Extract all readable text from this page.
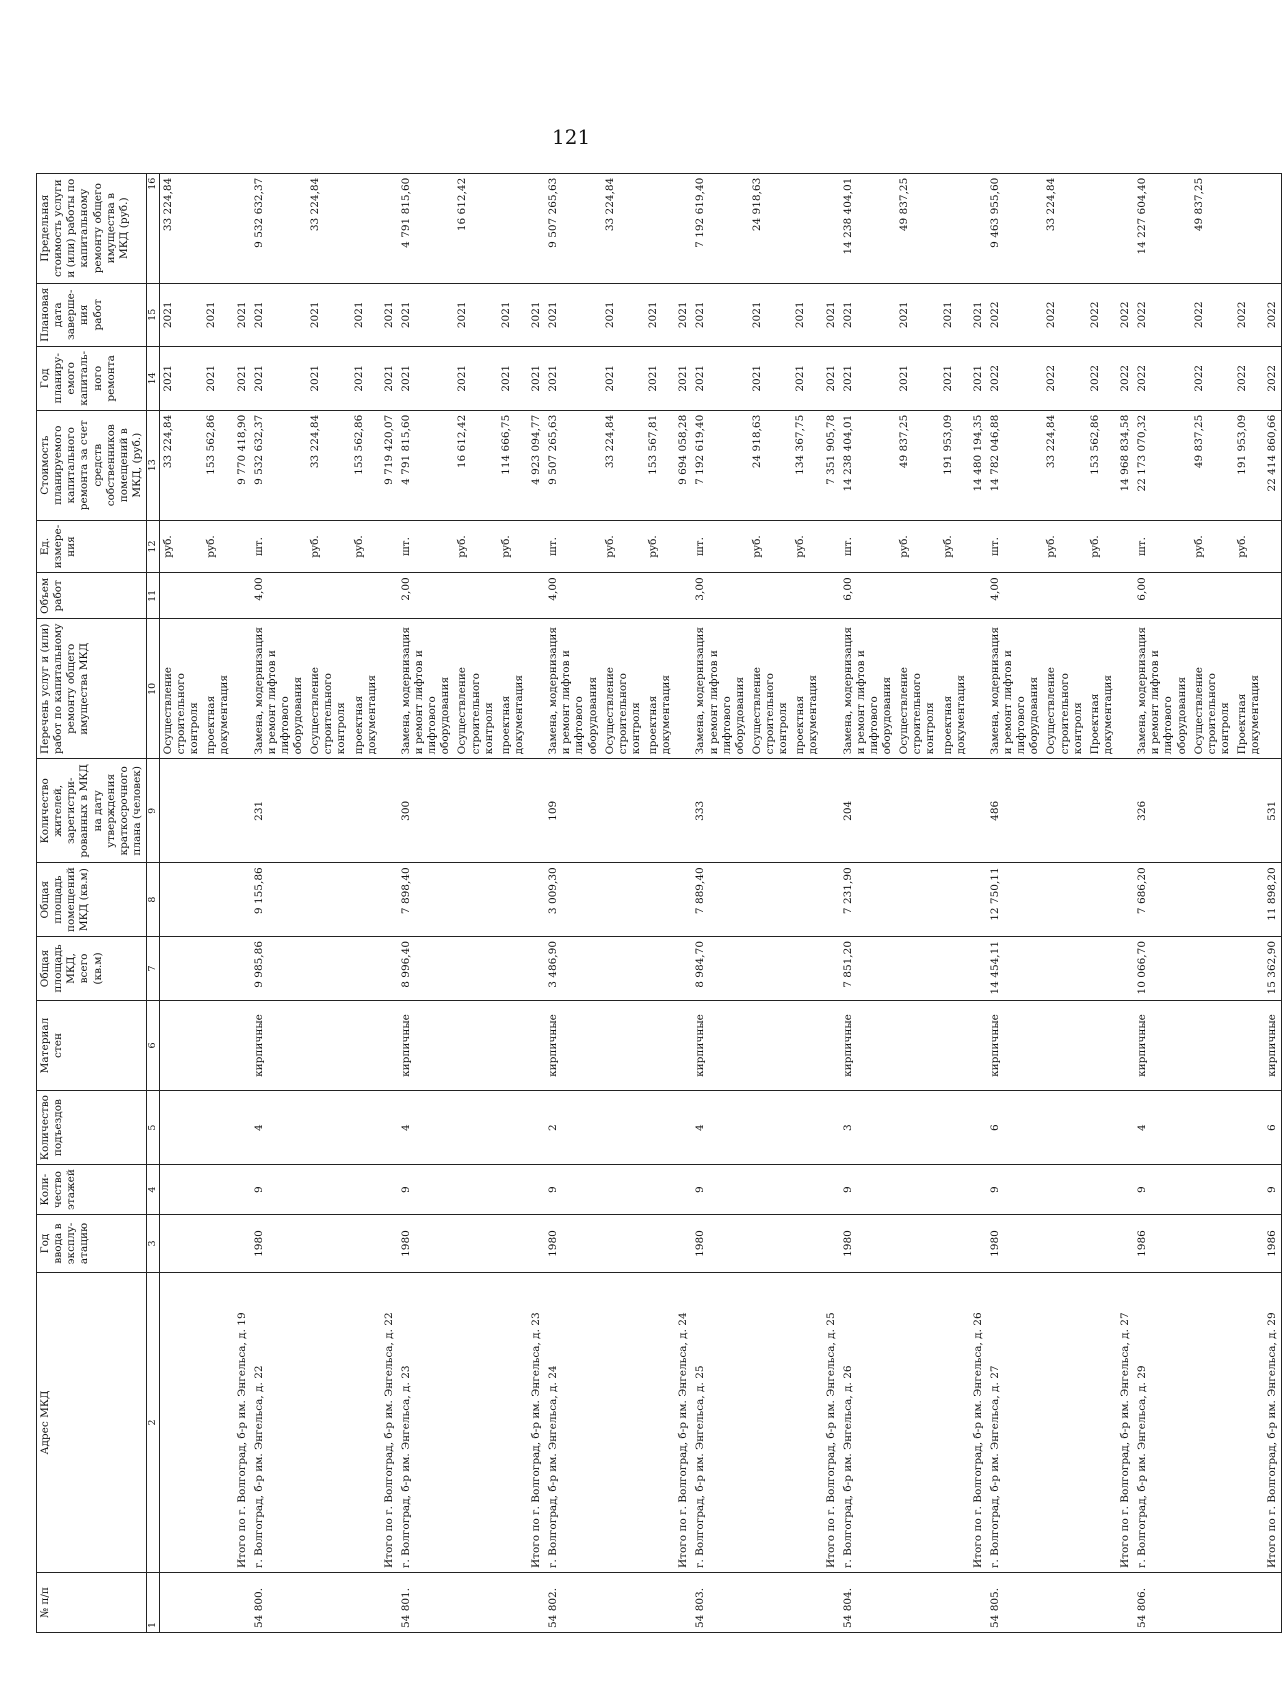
121
№ п/п	Адрес МКД	Год ввода в эксплу-атацию	Коли-чество этажей	Количество подъездов	Материал стен	Общая площадь МКД, всего (кв.м)	Общая площадь помещений МКД (кв.м)	Количество жителей, зарегистри-рованных в МКД на дату утверждения краткосрочного плана (человек)	Перечень услуг и (или) работ по капитальному ремонту общего имущества МКД	Объем работ	Ед. измере-ния	Стоимость планируемого капитального ремонта за счет средств собственников помещений в МКД, (руб.)	Год планиру-емого капиталь-ного ремонта	Плановая дата заверше-ния работ	Предельная стоимость услуги и (или) работы по капитальному ремонту общего имущества в МКД (руб.)
1	2	3	4	5	6	7	8	9	10	11	12	13	14	15	16
									Осуществление строительного контроля		руб.	33 224,84	2021	2021	33 224,84
									проектная документация		руб.	153 562,86	2021	2021	
	Итого по г. Волгоград, б-р им. Энгельса, д. 19											9 770 418,90	2021	2021	
54 800.	г. Волгоград, б-р им. Энгельса, д. 22	1980	9	4	кирпичные	9 985,86	9 155,86	231	Замена, модернизация и ремонт лифтов и лифтового оборудования	4,00	шт.	9 532 632,37	2021	2021	9 532 632,37
									Осуществление строительного контроля		руб.	33 224,84	2021	2021	33 224,84
									проектная документация		руб.	153 562,86	2021	2021	
	Итого по г. Волгоград, б-р им. Энгельса, д. 22											9 719 420,07	2021	2021	
54 801.	г. Волгоград, б-р им. Энгельса, д. 23	1980	9	4	кирпичные	8 996,40	7 898,40	300	Замена, модернизация и ремонт лифтов и лифтового оборудования	2,00	шт.	4 791 815,60	2021	2021	4 791 815,60
									Осуществление строительного контроля		руб.	16 612,42	2021	2021	16 612,42
									проектная документация		руб.	114 666,75	2021	2021	
	Итого по г. Волгоград, б-р им. Энгельса, д. 23											4 923 094,77	2021	2021	
54 802.	г. Волгоград, б-р им. Энгельса, д. 24	1980	9	2	кирпичные	3 486,90	3 009,30	109	Замена, модернизация и ремонт лифтов и лифтового оборудования	4,00	шт.	9 507 265,63	2021	2021	9 507 265,63
									Осуществление строительного контроля		руб.	33 224,84	2021	2021	33 224,84
									проектная документация		руб.	153 567,81	2021	2021	
	Итого по г. Волгоград, б-р им. Энгельса, д. 24											9 694 058,28	2021	2021	
54 803.	г. Волгоград, б-р им. Энгельса, д. 25	1980	9	4	кирпичные	8 984,70	7 889,40	333	Замена, модернизация и ремонт лифтов и лифтового оборудования	3,00	шт.	7 192 619,40	2021	2021	7 192 619,40
									Осуществление строительного контроля		руб.	24 918,63	2021	2021	24 918,63
									проектная документация		руб.	134 367,75	2021	2021	
	Итого по г. Волгоград, б-р им. Энгельса, д. 25											7 351 905,78	2021	2021	
54 804.	г. Волгоград, б-р им. Энгельса, д. 26	1980	9	3	кирпичные	7 851,20	7 231,90	204	Замена, модернизация и ремонт лифтов и лифтового оборудования	6,00	шт.	14 238 404,01	2021	2021	14 238 404,01
									Осуществление строительного контроля		руб.	49 837,25	2021	2021	49 837,25
									проектная документация		руб.	191 953,09	2021	2021	
	Итого по г. Волгоград, б-р им. Энгельса, д. 26											14 480 194,35	2021	2021	
54 805.	г. Волгоград, б-р им. Энгельса, д. 27	1980	9	6	кирпичные	14 454,11	12 750,11	486	Замена, модернизация и ремонт лифтов и лифтового оборудования	4,00	шт.	14 782 046,88	2022	2022	9 463 955,60
									Осуществление строительного контроля		руб.	33 224,84	2022	2022	33 224,84
									Проектная документация		руб.	153 562,86	2022	2022	
	Итого по г. Волгоград, б-р им. Энгельса, д. 27											14 968 834,58	2022	2022	
54 806.	г. Волгоград, б-р им. Энгельса, д. 29	1986	9	4	кирпичные	10 066,70	7 686,20	326	Замена, модернизация и ремонт лифтов и лифтового оборудования	6,00	шт.	22 173 070,32	2022	2022	14 227 604,40
									Осуществление строительного контроля		руб.	49 837,25	2022	2022	49 837,25
									Проектная документация		руб.	191 953,09	2022	2022	
	Итого по г. Волгоград, б-р им. Энгельса, д. 29	1986	9	6	кирпичные	15 362,90	11 898,20	531				22 414 860,66	2022	2022	
